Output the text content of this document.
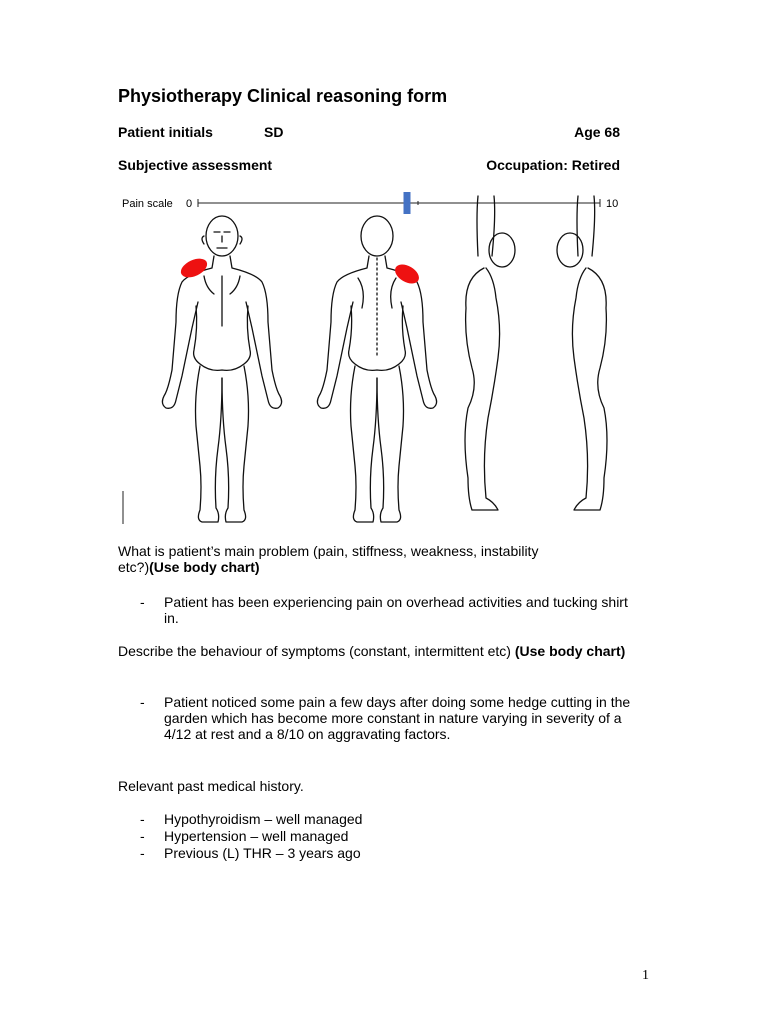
Physiotherapy Clinical reasoning form
Patient initials	SD	Age 68
Subjective assessment	Occupation: Retired
Pain scale 0	10
What is patient’s main problem (pain, stiffness, weakness, instability
etc?)(Use body chart)
- Patient has been experiencing pain on overhead activities and tucking shirt in.
Describe the behaviour of symptoms (constant, intermittent etc) (Use body chart)
- Patient noticed some pain a few days after doing some hedge cutting in the garden which has become more constant in nature varying in severity of a 4/12 at rest and a 8/10 on aggravating factors.
Relevant past medical history.
- Hypothyroidism – well managed
- Hypertension – well managed
- Previous (L) THR – 3 years ago
1
